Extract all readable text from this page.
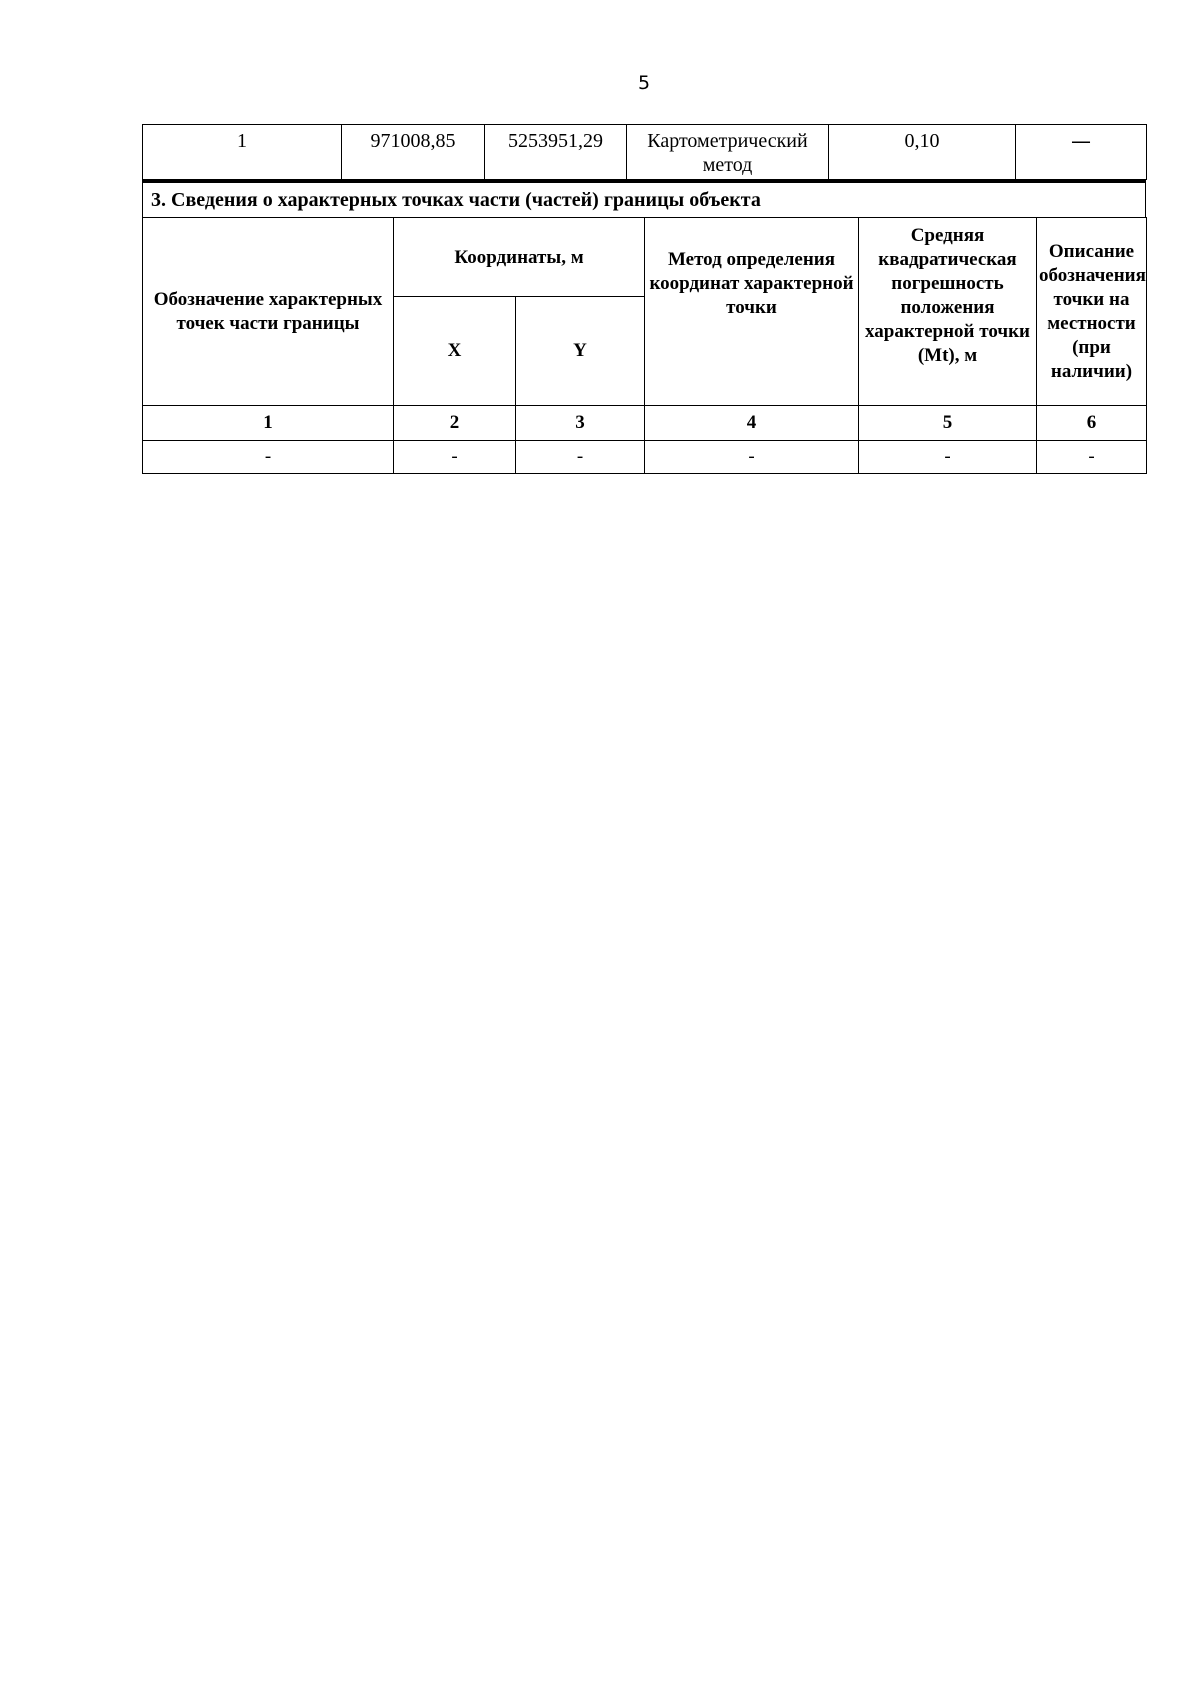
5
1	971008,85	5253951,29	Картометрический метод	0,10	—
3. Сведения о характерных точках части (частей) границы объекта
Обозначение характерных точек части границы	Координаты, м		Метод определения координат характерной точки	Средняя квадратическая погрешность положения характерной точки (Mt), м	Описание обозначения точки на местности (при наличии)
	X	Y			
1	2	3	4	5	6
-	-	-	-	-	-
